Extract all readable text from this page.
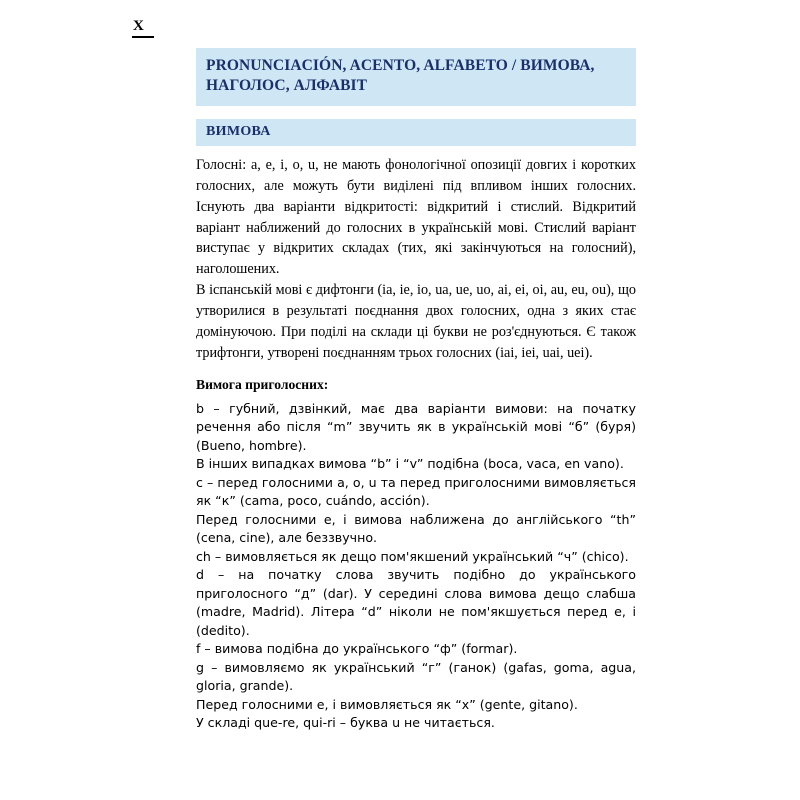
X
PRONUNCIACIÓN, ACENTO, ALFABETO / ВИМОВА, НАГОЛОС, АЛФАВІТ
ВИМОВА

Голосні: a, e, i, o, u, не мають фонологічної опозиції довгих і коротких голосних, але можуть бути виділені під впливом інших голосних. Існують два варіанти відкритості: відкритий і стислий. Відкритий варіант наближений до голосних в українській мові. Стислий варіант виступає у відкритих складах (тих, які закінчуються на голосний), наголошених.

В іспанській мові є дифтонги (ia, ie, io, ua, ue, uo, ai, ei, oi, au, eu, ou), що утворилися в результаті поєднання двох голосних, одна з яких стає домінуючою. При поділі на склади ці букви не роз'єднуються. Є також трифтонги, утворені поєднанням трьох голосних (iai, iei, uai, uei).

Вимога приголосних:

b – губний, дзвінкий, має два варіанти вимови: на початку речення або після “m” звучить як в українській мові “б” (буря) (Bueno, hombre).

В інших випадках вимова “b” і “v” подібна (boca, vaca, en vano).

c – перед голосними a, o, u та перед приголосними вимовляється як “к” (cama, poco, cuándo, acción).

Перед голосними e, i вимова наближена до англійського “th” (cena, cine), але беззвучно.

ch – вимовляється як дещо пом'якшений український “ч” (chico).

d – на початку слова звучить подібно до українського приголосного “д” (dar). У середині слова вимова дещо слабша (madre, Madrid). Літера “d” ніколи не пом'якшується перед e, i (dedito).

f – вимова подібна до українського “ф” (formar).

g – вимовляємо як український “г” (ганок) (gafas, goma, agua, gloria, grande).

Перед голосними e, i вимовляється як “х” (gente, gitano).

У складі que-re, qui-ri – буква u не читається.
